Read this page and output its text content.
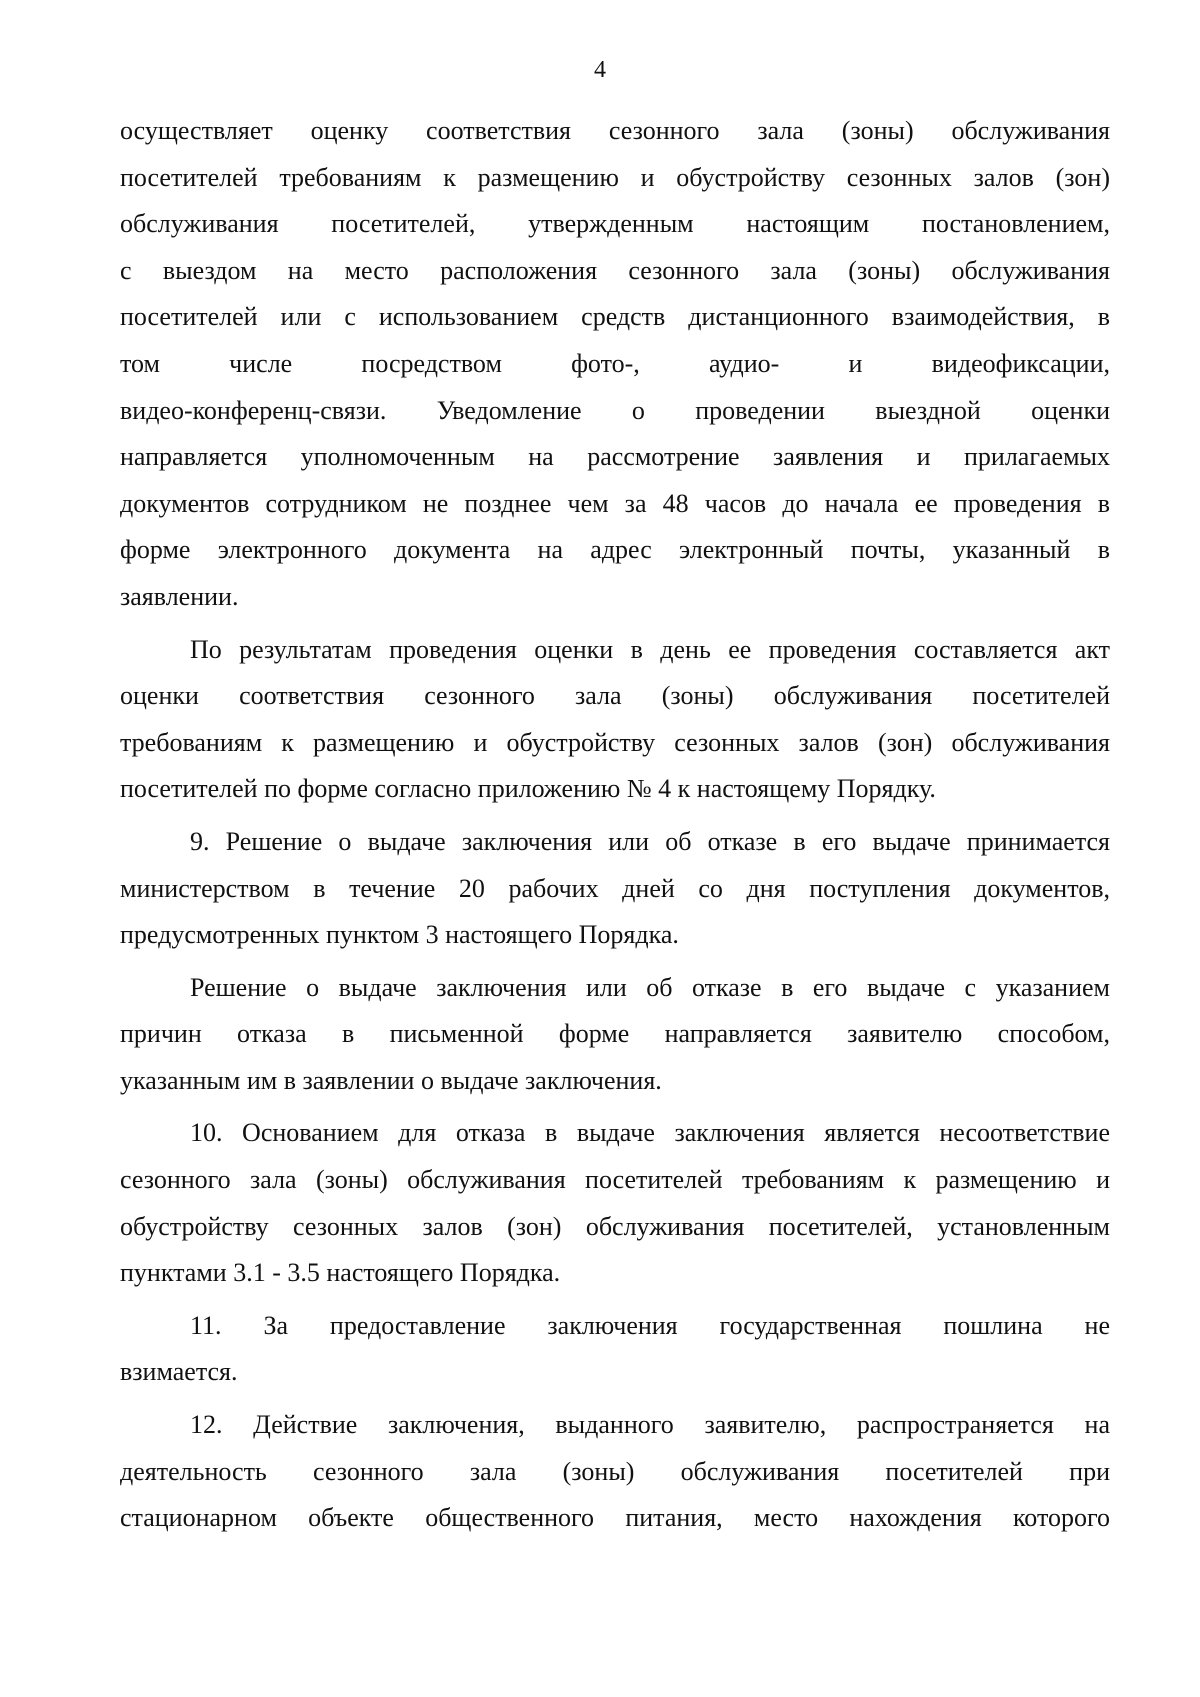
4
осуществляет оценку соответствия сезонного зала (зоны) обслуживания
посетителей требованиям к размещению и обустройству сезонных залов (зон)
обслуживания посетителей, утвержденным настоящим постановлением,
с выездом на место расположения сезонного зала (зоны) обслуживания
посетителей или с использованием средств дистанционного взаимодействия, в
том числе посредством фото-, аудио- и видеофиксации,
видео-конференц-связи. Уведомление о проведении выездной оценки
направляется уполномоченным на рассмотрение заявления и прилагаемых
документов сотрудником не позднее чем за 48 часов до начала ее проведения в
форме электронного документа на адрес электронный почты, указанный в
заявлении.
По результатам проведения оценки в день ее проведения составляется акт
оценки соответствия сезонного зала (зоны) обслуживания посетителей
требованиям к размещению и обустройству сезонных залов (зон) обслуживания
посетителей по форме согласно приложению № 4 к настоящему Порядку.
9. Решение о выдаче заключения или об отказе в его выдаче принимается
министерством в течение 20 рабочих дней со дня поступления документов,
предусмотренных пунктом 3 настоящего Порядка.
Решение о выдаче заключения или об отказе в его выдаче с указанием
причин отказа в письменной форме направляется заявителю способом,
указанным им в заявлении о выдаче заключения.
10. Основанием для отказа в выдаче заключения является несоответствие
сезонного зала (зоны) обслуживания посетителей требованиям к размещению и
обустройству сезонных залов (зон) обслуживания посетителей, установленным
пунктами 3.1 - 3.5 настоящего Порядка.
11. За предоставление заключения государственная пошлина не
взимается.
12. Действие заключения, выданного заявителю, распространяется на
деятельность сезонного зала (зоны) обслуживания посетителей при
стационарном объекте общественного питания, место нахождения которого
